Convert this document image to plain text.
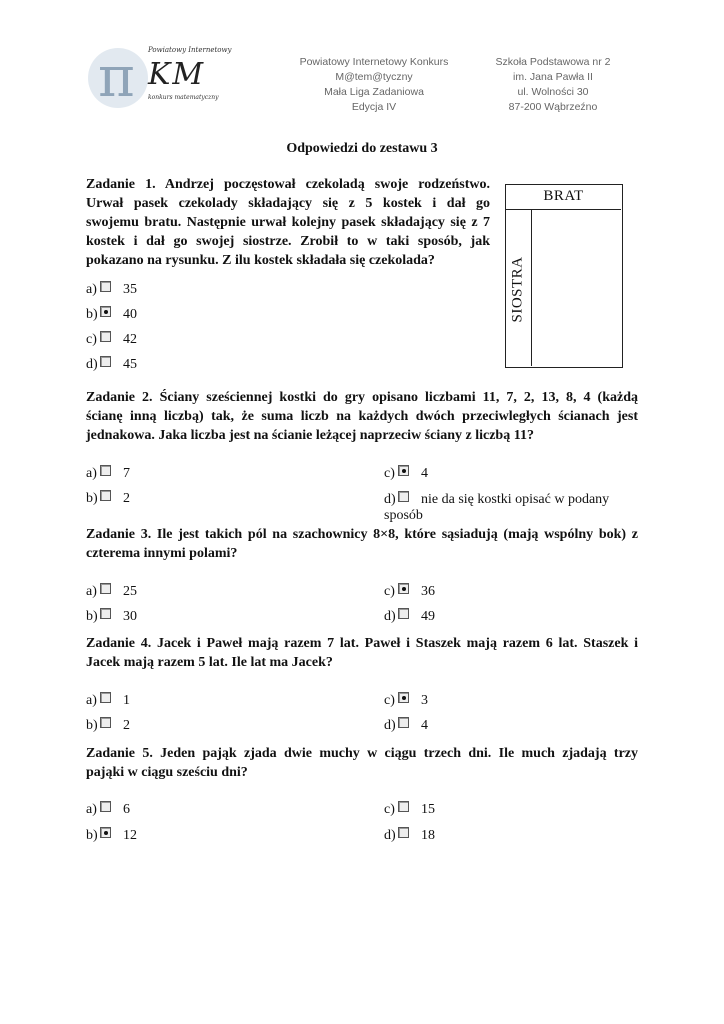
π Powiatowy Internetowy
KM
konkurs matematyczny
Powiatowy Internetowy Konkurs
M@tem@tyczny
Mała Liga Zadaniowa
Edycja IV
Szkoła Podstawowa nr 2
im. Jana Pawła II
ul. Wolności 30
87-200 Wąbrzeźno
Odpowiedzi do zestawu 3
Zadanie 1. Andrzej poczęstował czekoladą swoje rodzeństwo.
Urwał pasek czekolady składający się z 5 kostek i dał go
swojemu bratu. Następnie urwał kolejny pasek składający się z 7
kostek i dał go swojej siostrze. Zrobił to w taki sposób, jak
pokazano na rysunku. Z ilu kostek składała się czekolada?
BRAT
SIOSTRA
a) 35
b) 40
c) 42
d) 45
Zadanie 2. Ściany sześciennej kostki do gry opisano liczbami 11, 7, 2, 13, 8, 4 (każdą
ścianę inną liczbą) tak, że suma liczb na każdych dwóch przeciwległych ścianach jest
jednakowa. Jaka liczba jest na ścianie leżącej naprzeciw ściany z liczbą 11?
a) 7
b) 2
c) 4
d) nie da się kostki opisać w podany
sposób
Zadanie 3. Ile jest takich pól na szachownicy 8×8, które sąsiadują (mają wspólny bok) z
czterema innymi polami?
a) 25
b) 30
c) 36
d) 49
Zadanie 4. Jacek i Paweł mają razem 7 lat. Paweł i Staszek mają razem 6 lat. Staszek i
Jacek mają razem 5 lat. Ile lat ma Jacek?
a) 1
b) 2
c) 3
d) 4
Zadanie 5. Jeden pająk zjada dwie muchy w ciągu trzech dni. Ile much zjadają trzy
pająki w ciągu sześciu dni?
a) 6
b) 12
c) 15
d) 18
